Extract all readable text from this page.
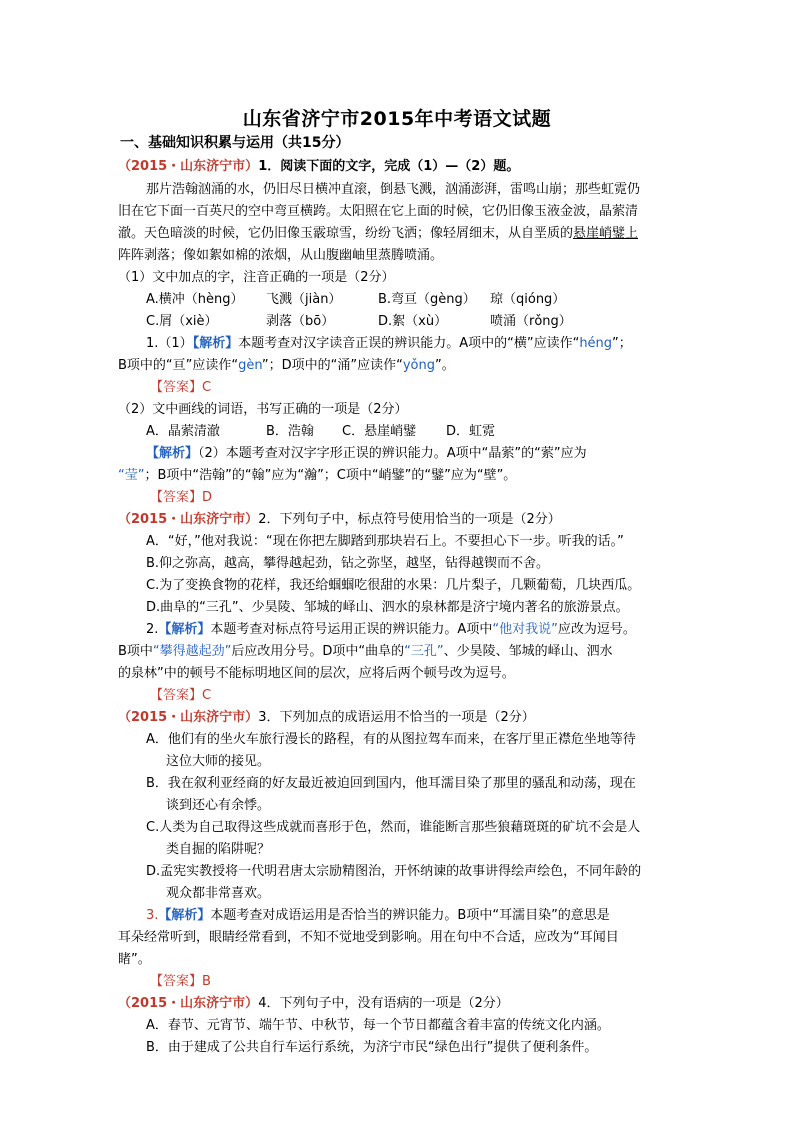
山东省济宁市2015年中考语文试题
一、基础知识积累与运用（共15分）
（2015・山东济宁市）1．阅读下面的文字，完成（1）—（2）题。
那片浩翰汹涌的水，仍旧尽日横冲直滚，倒悬飞溅，汹涌澎湃，雷鸣山崩；那些虹霓仍
旧在它下面一百英尺的空中弯亘横跨。太阳照在它上面的时候，它仍旧像玉液金波，晶萦清
澈。天色暗淡的时候，它仍旧像玉霰琼雪，纷纷飞洒；像轻屑细末，从自垩质的悬崖峭鐾上
阵阵剥落；像如絮如棉的浓烟，从山腹幽岫里蒸腾喷涌。
（1）文中加点的字，注音正确的一项是（2分）
A.横冲（hèng） 飞溅（jiàn）	B.弯亘（gèng） 琼（qióng）
C.屑（xiè）	剥落（bō）	D.絮（xù）	喷涌（rǒng）
1.（1）【解析】本题考查对汉字读音正误的辨识能力。A项中的“横”应读作“héng”；
B项中的“亘”应读作“gèn”；D项中的“涌”应读作“yǒng”。
【答案】C
（2）文中画线的词语，书写正确的一项是（2分）
A．晶萦清澈	B．浩翰 C．悬崖峭鐾 D．虹霓
【解析】（2）本题考查对汉字字形正误的辨识能力。A项中“晶萦”的“萦”应为
“莹”；B项中“浩翰”的“翰”应为“瀚”；C项中“峭鐾”的“鐾”应为“壁”。
【答案】D
（2015・山东济宁市）2．下列句子中，标点符号使用恰当的一项是（2分）
A．“好，”他对我说：“现在你把左脚踏到那块岩石上。不要担心下一步。听我的话。”
B.仰之弥高，越高，攀得越起劲，钻之弥坚，越坚，钻得越锲而不舍。
C.为了变换食物的花样，我还给蝈蝈吃很甜的水果：几片梨子，几颗葡萄，几块西瓜。
D.曲阜的“三孔”、少昊陵、邹城的峄山、泗水的泉林都是济宁境内著名的旅游景点。
2.【解析】本题考查对标点符号运用正误的辨识能力。A项中“他对我说”应改为逗号。
B项中“攀得越起劲”后应改用分号。D项中“曲阜的“三孔”、少昊陵、邹城的峄山、泗水
的泉林”中的顿号不能标明地区间的层次，应将后两个顿号改为逗号。
【答案】C
（2015・山东济宁市）3．下列加点的成语运用不恰当的一项是（2分）
A．他们有的坐火车旅行漫长的路程，有的从图拉驾车而来，在客厅里正襟危坐地等待
这位大师的接见。
B．我在叙利亚经商的好友最近被迫回到国内，他耳濡目染了那里的骚乱和动荡，现在
谈到还心有余悸。
C.人类为自己取得这些成就而喜形于色，然而，谁能断言那些狼藉斑斑的矿坑不会是人
类自掘的陷阱呢？
D.孟宪实教授将一代明君唐太宗励精图治，开怀纳谏的故事讲得绘声绘色，不同年龄的
观众都非常喜欢。
3.【解析】本题考查对成语运用是否恰当的辨识能力。B项中“耳濡目染”的意思是
耳朵经常听到，眼睛经常看到，不知不觉地受到影响。用在句中不合适，应改为“耳闻目
睹”。
【答案】B
（2015・山东济宁市）4．下列句子中，没有语病的一项是（2分）
A．春节、元宵节、端午节、中秋节，每一个节日都蕴含着丰富的传统文化内涵。
B．由于建成了公共自行车运行系统，为济宁市民“绿色出行”提供了便利条件。
